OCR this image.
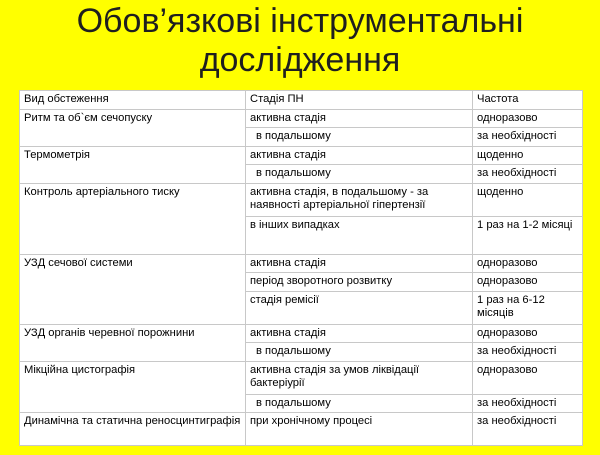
Обов’язкові інструментальні
дослідження
Вид обстеження	Стадія ПН	Частота
Ритм та об`єм сечопуску	активна стадія	одноразово
	в подальшому	за необхідності
Термометрія	активна стадія	щоденно
	в подальшому	за необхідності
Контроль артеріального тиску	активна стадія, в подальшому - за наявності артеріальної гіпертензії	щоденно
	в інших випадках	1 раз на 1-2 місяці
УЗД сечової системи	активна стадія	одноразово
	період зворотного розвитку	одноразово
	стадія ремісії	1 раз на 6-12 місяців
УЗД органів черевної порожнини	активна стадія	одноразово
	в подальшому	за необхідності
Мікційна цистографія	активна стадія за умов ліквідації бактеріурії	одноразово
	в подальшому	за необхідності
Динамічна та статична реносцинтиграфія	при хронічному процесі	за необхідності
